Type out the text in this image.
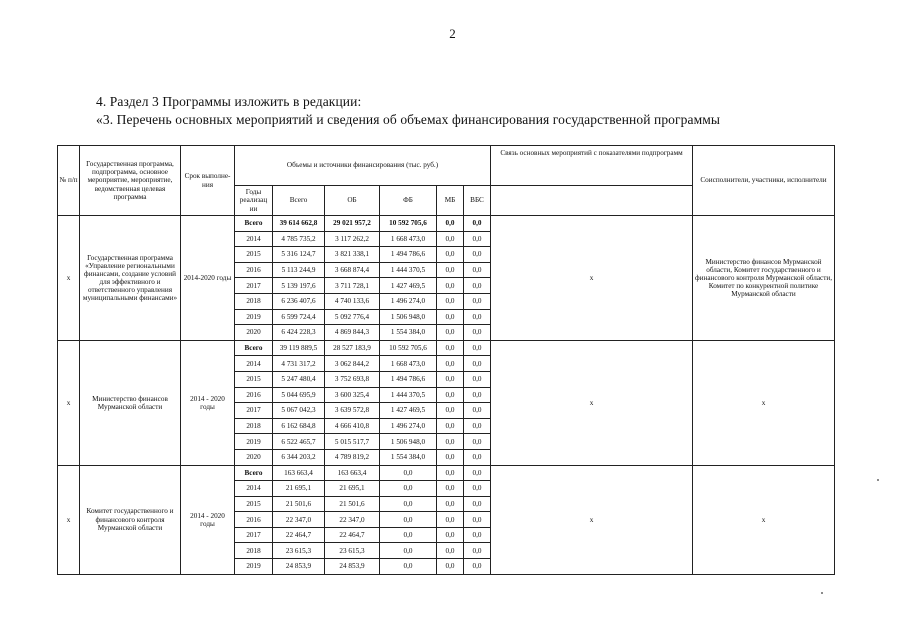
2
4. Раздел 3 Программы изложить в редакции:
«3. Перечень основных мероприятий и сведения об объемах финансирования государственной программы
№ п/п	Государственная программа, подпрограмма, основное мероприятие, мероприятие, ведомственная целевая программа	Срок выполне-ния	Объемы и источники финансирования (тыс. руб.)						Связь основных мероприятий с показателями подпрограмм	Соисполнители, участники, исполнители
			Годы реализац ии	Всего	ОБ	ФБ	МБ	ВБС		
х	Государственная программа «Управление региональными финансами, создание условий для эффективного и ответственного управления муниципальными финансами»	2014-2020 годы	Всего	39 614 662,8	29 021 957,2	10 592 705,6	0,0	0,0	х	Министерство финансов Мурманской области, Комитет государственного и финансового контроля Мурманской области, Комитет по конкурентной политике Мурманской области
			2014	4 785 735,2	3 117 262,2	1 668 473,0	0,0	0,0		
			2015	5 316 124,7	3 821 338,1	1 494 786,6	0,0	0,0		
			2016	5 113 244,9	3 668 874,4	1 444 370,5	0,0	0,0		
			2017	5 139 197,6	3 711 728,1	1 427 469,5	0,0	0,0		
			2018	6 236 407,6	4 740 133,6	1 496 274,0	0,0	0,0		
			2019	6 599 724,4	5 092 776,4	1 506 948,0	0,0	0,0		
			2020	6 424 228,3	4 869 844,3	1 554 384,0	0,0	0,0		
х	Министерство финансов Мурманской области	2014 - 2020 годы	Всего	39 119 889,5	28 527 183,9	10 592 705,6	0,0	0,0	х	х
			2014	4 731 317,2	3 062 844,2	1 668 473,0	0,0	0,0		
			2015	5 247 480,4	3 752 693,8	1 494 786,6	0,0	0,0		
			2016	5 044 695,9	3 600 325,4	1 444 370,5	0,0	0,0		
			2017	5 067 042,3	3 639 572,8	1 427 469,5	0,0	0,0		
			2018	6 162 684,8	4 666 410,8	1 496 274,0	0,0	0,0		
			2019	6 522 465,7	5 015 517,7	1 506 948,0	0,0	0,0		
			2020	6 344 203,2	4 789 819,2	1 554 384,0	0,0	0,0		
х	Комитет государственного и финансового контроля Мурманской области	2014 - 2020 годы	Всего	163 663,4	163 663,4	0,0	0,0	0,0	х	х
			2014	21 695,1	21 695,1	0,0	0,0	0,0		
			2015	21 501,6	21 501,6	0,0	0,0	0,0		
			2016	22 347,0	22 347,0	0,0	0,0	0,0		
			2017	22 464,7	22 464,7	0,0	0,0	0,0		
			2018	23 615,3	23 615,3	0,0	0,0	0,0		
			2019	24 853,9	24 853,9	0,0	0,0	0,0		
